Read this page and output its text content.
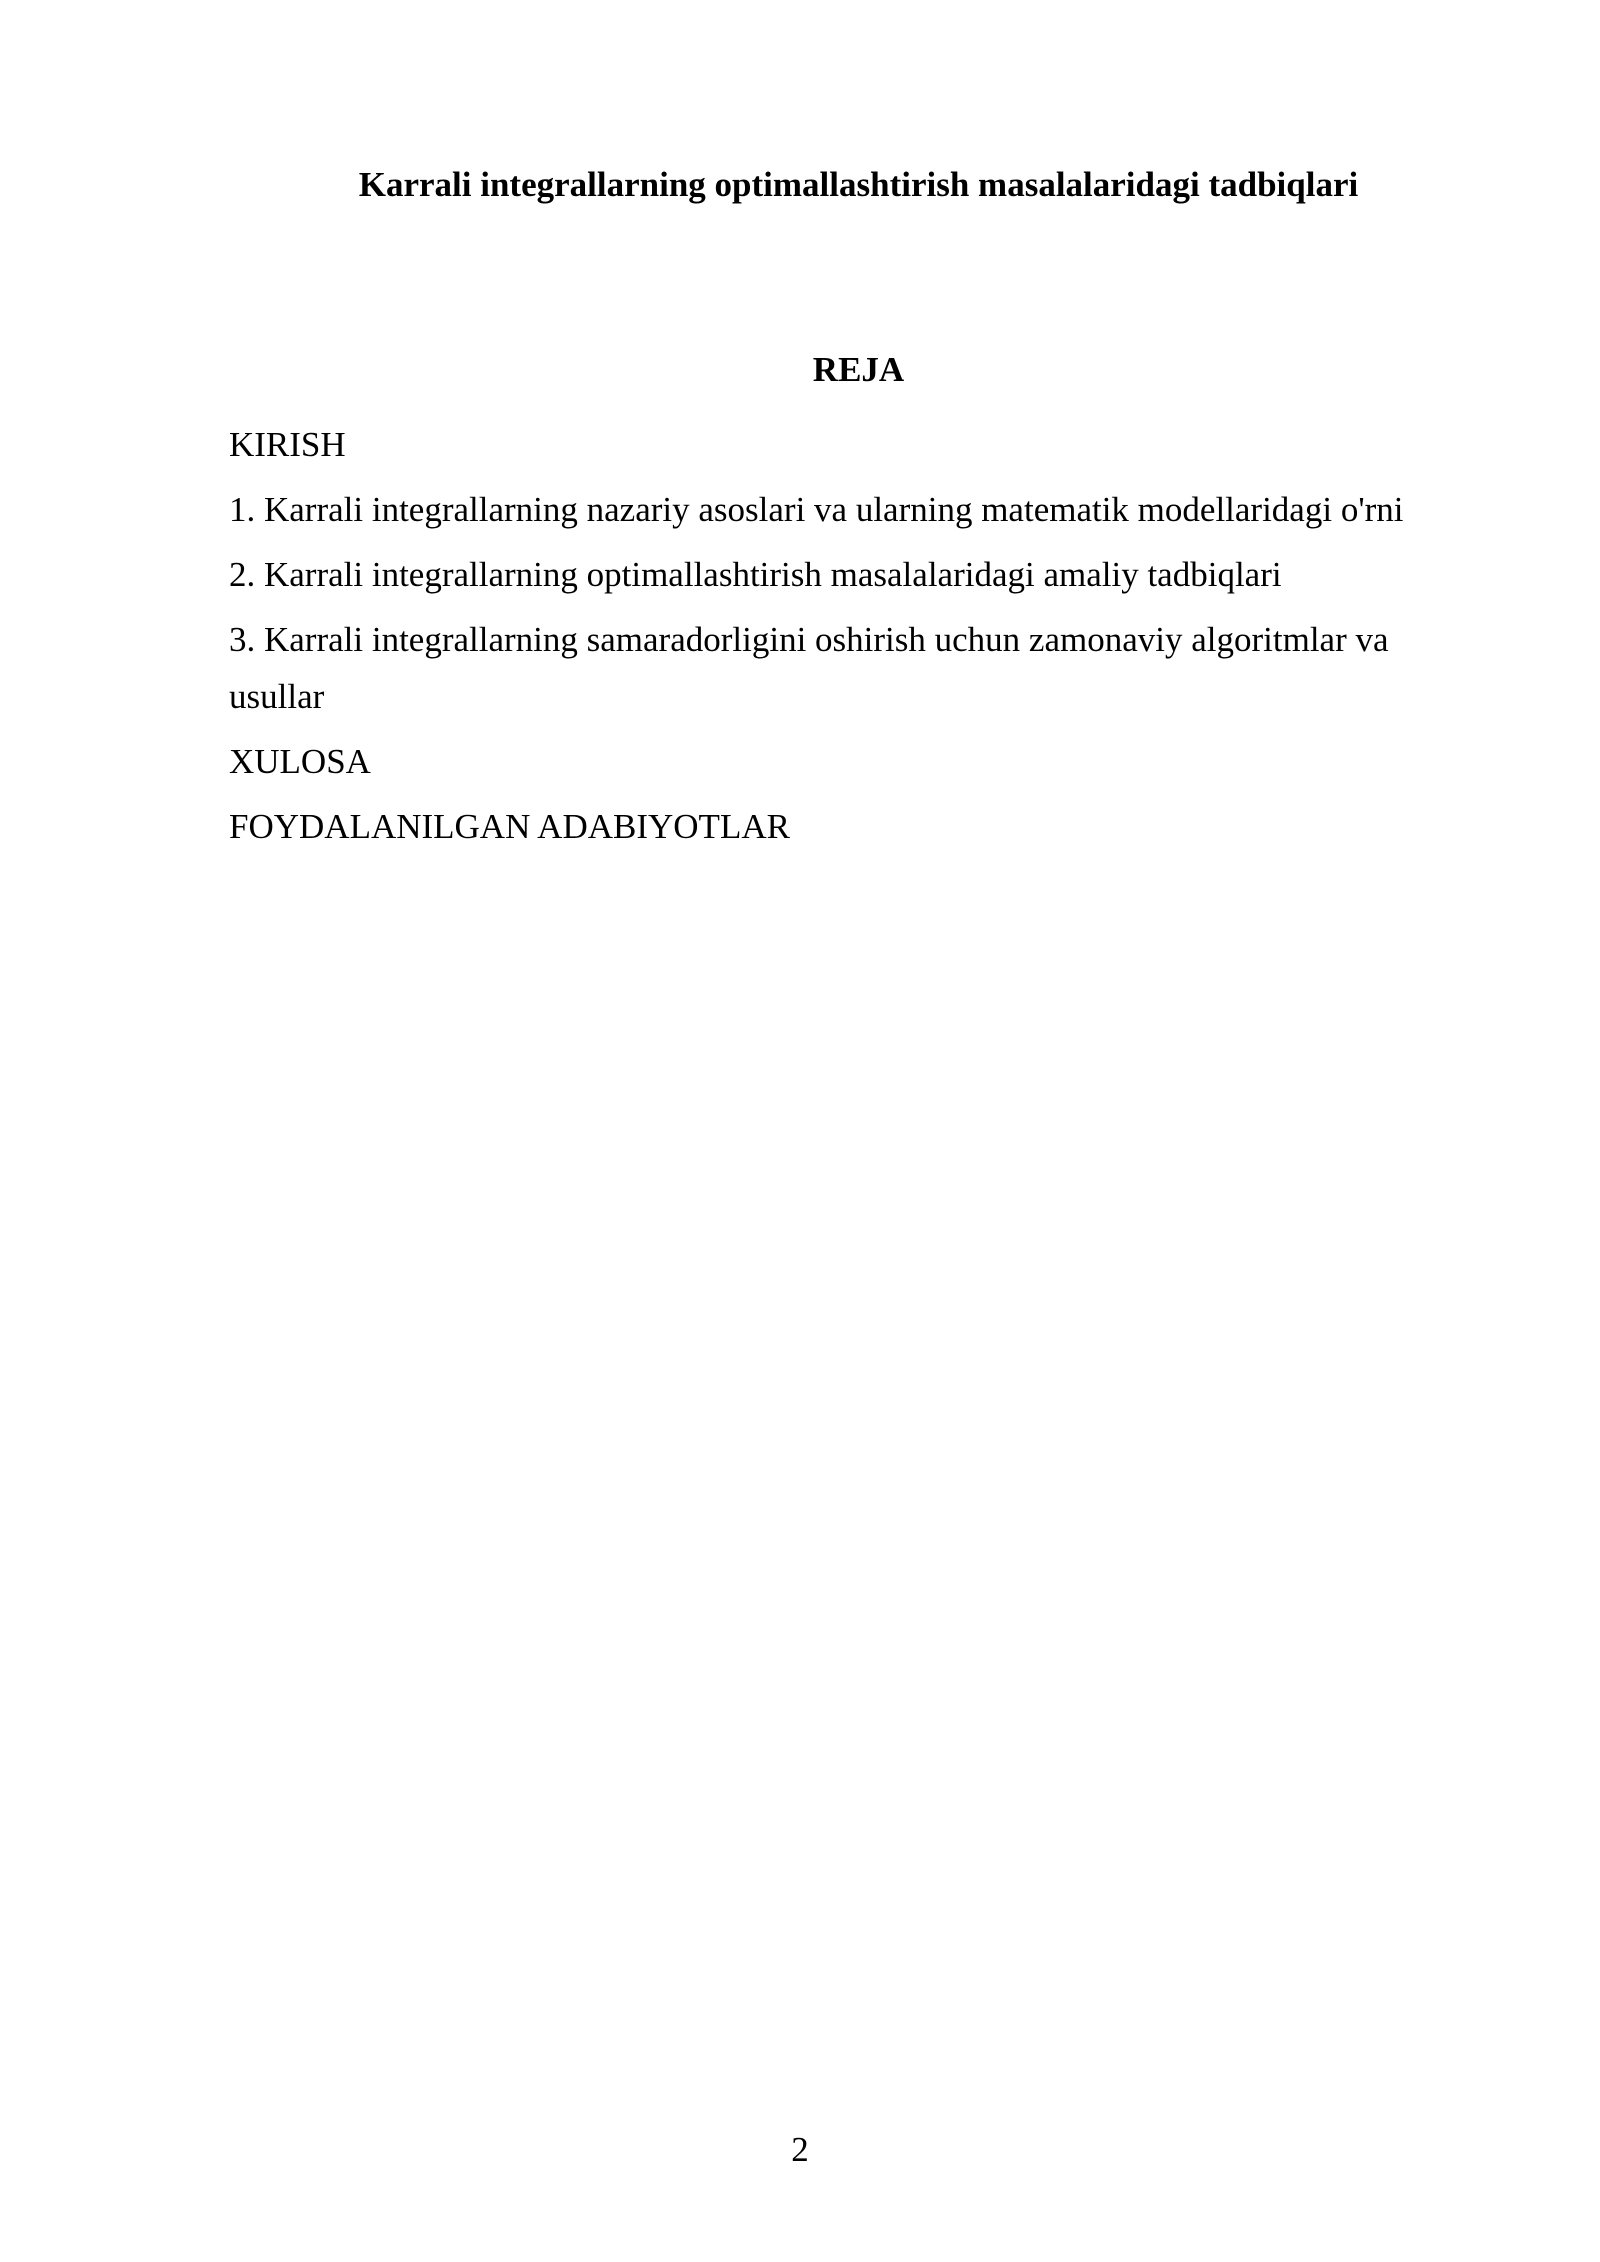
Karrali integrallarning optimallashtirish masalalaridagi tadbiqlari
REJA
KIRISH
1. Karrali integrallarning nazariy asoslari va ularning matematik modellaridagi o'rni
2. Karrali integrallarning optimallashtirish masalalaridagi amaliy tadbiqlari
3. Karrali integrallarning samaradorligini oshirish uchun zamonaviy algoritmlar va usullar
XULOSA
FOYDALANILGAN ADABIYOTLAR
2
